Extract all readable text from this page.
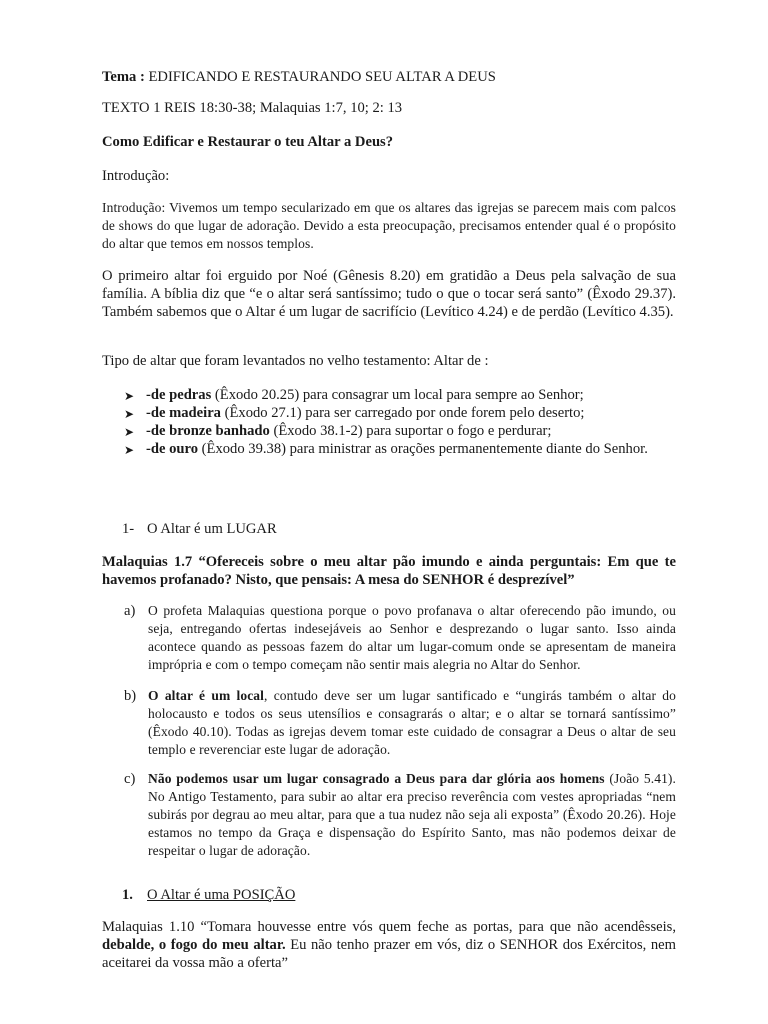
Tema : EDIFICANDO E RESTAURANDO SEU ALTAR A DEUS

TEXTO 1 REIS 18:30-38; Malaquias 1:7, 10; 2: 13

Como Edificar e Restaurar o teu Altar a Deus?

Introdução:

Introdução: Vivemos um tempo secularizado em que os altares das igrejas se parecem mais com palcos de shows do que lugar de adoração. Devido a esta preocupação, precisamos entender qual é o propósito do altar que temos em nossos templos.

O primeiro altar foi erguido por Noé (Gênesis 8.20) em gratidão a Deus pela salvação de sua família. A bíblia diz que “e o altar será santíssimo; tudo o que o tocar será santo” (Êxodo 29.37). Também sabemos que o Altar é um lugar de sacrifício (Levítico 4.24) e de perdão (Levítico 4.35).

Tipo de altar que foram levantados no velho testamento: Altar de :

➤ -de pedras (Êxodo 20.25) para consagrar um local para sempre ao Senhor;

➤ -de madeira (Êxodo 27.1) para ser carregado por onde forem pelo deserto;

➤ -de bronze banhado (Êxodo 38.1-2) para suportar o fogo e perdurar;

➤ -de ouro (Êxodo 39.38) para ministrar as orações permanentemente diante do Senhor.

1- O Altar é um LUGAR

Malaquias 1.7 “Ofereceis sobre o meu altar pão imundo e ainda perguntais: Em que te havemos profanado? Nisto, que pensais: A mesa do SENHOR é desprezível”

a) O profeta Malaquias questiona porque o povo profanava o altar oferecendo pão imundo, ou seja, entregando ofertas indesejáveis ao Senhor e desprezando o lugar santo. Isso ainda acontece quando as pessoas fazem do altar um lugar-comum onde se apresentam de maneira imprópria e com o tempo começam não sentir mais alegria no Altar do Senhor.

b) O altar é um local, contudo deve ser um lugar santificado e “ungirás também o altar do holocausto e todos os seus utensílios e consagrarás o altar; e o altar se tornará santíssimo” (Êxodo 40.10). Todas as igrejas devem tomar este cuidado de consagrar a Deus o altar de seu templo e reverenciar este lugar de adoração.

c) Não podemos usar um lugar consagrado a Deus para dar glória aos homens (João 5.41). No Antigo Testamento, para subir ao altar era preciso reverência com vestes apropriadas “nem subirás por degrau ao meu altar, para que a tua nudez não seja ali exposta” (Êxodo 20.26). Hoje estamos no tempo da Graça e dispensação do Espírito Santo, mas não podemos deixar de respeitar o lugar de adoração.

1. O Altar é uma POSIÇÃO

Malaquias 1.10 “Tomara houvesse entre vós quem feche as portas, para que não acendêsseis, debalde, o fogo do meu altar. Eu não tenho prazer em vós, diz o SENHOR dos Exércitos, nem aceitarei da vossa mão a oferta”
